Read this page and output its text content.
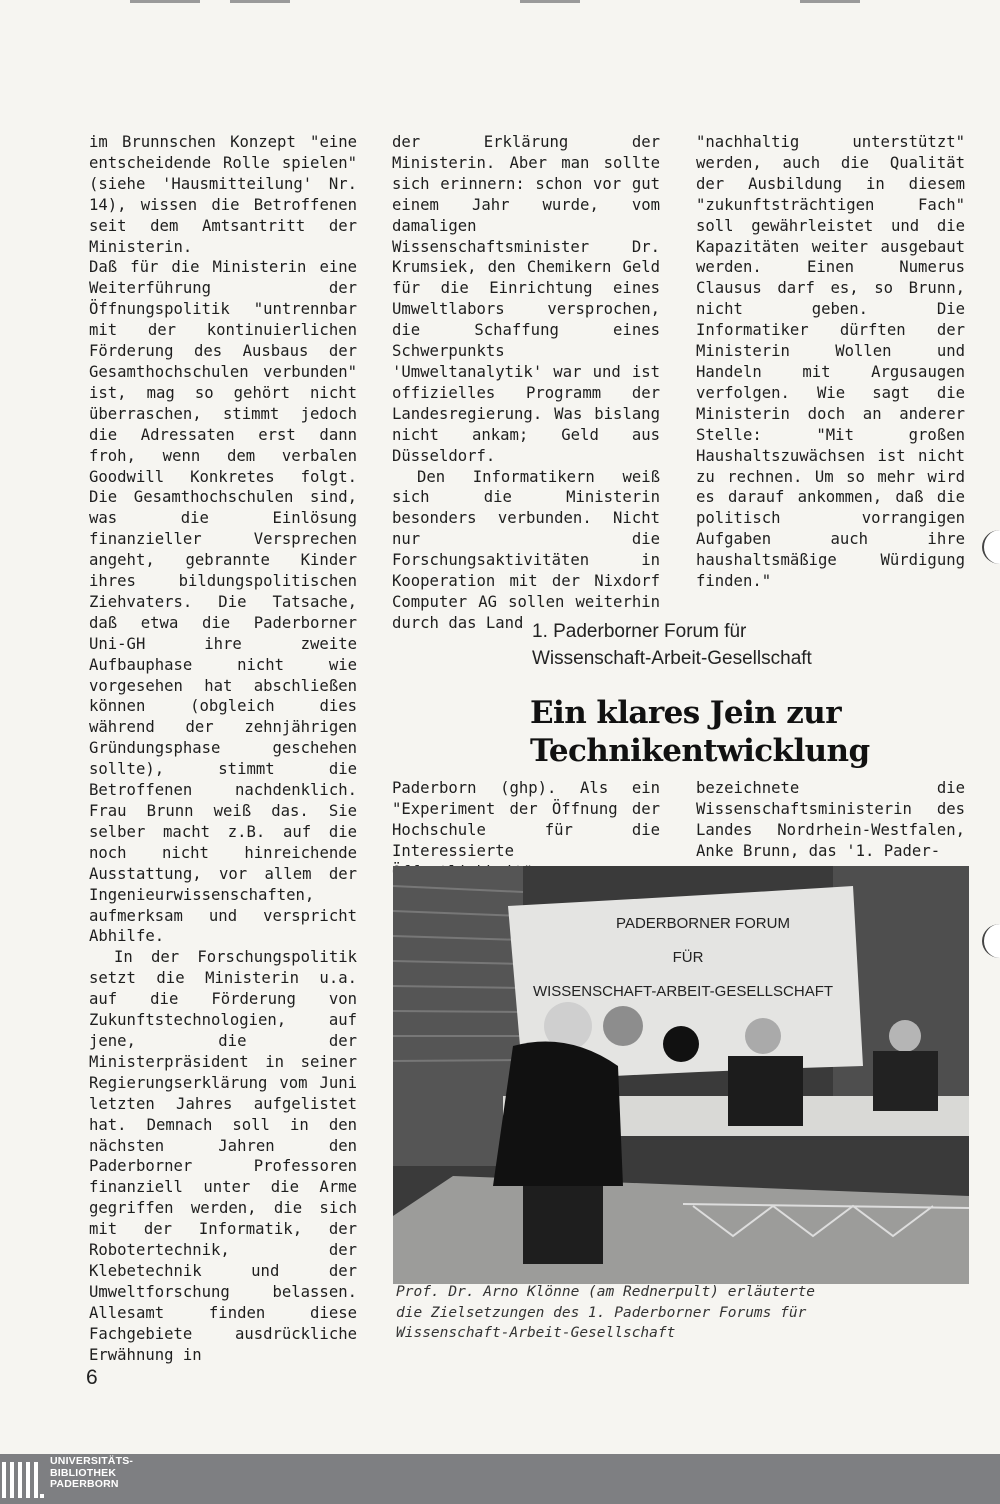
im Brunnschen Konzept "eine entscheidende Rolle spielen" (siehe 'Hausmitteilung' Nr. 14), wissen die Betroffenen seit dem Amtsantritt der Ministerin.

Daß für die Ministerin eine Weiterführung der Öffnungspolitik "untrennbar mit der kontinuierlichen Förderung des Ausbaus der Gesamthochschulen verbunden" ist, mag so gehört nicht überraschen, stimmt jedoch die Adressaten erst dann froh, wenn dem verbalen Goodwill Konkretes folgt. Die Gesamthochschulen sind, was die Einlösung finanzieller Versprechen angeht, gebrannte Kinder ihres bildungspolitischen Ziehvaters. Die Tatsache, daß etwa die Paderborner Uni-GH ihre zweite Aufbauphase nicht wie vorgesehen hat abschließen können (obgleich dies während der zehnjährigen Gründungsphase geschehen sollte), stimmt die Betroffenen nachdenklich. Frau Brunn weiß das. Sie selber macht z.B. auf die noch nicht hinreichende Ausstattung, vor allem der Ingenieurwissenschaften, aufmerksam und verspricht Abhilfe.

In der Forschungspolitik setzt die Ministerin u.a. auf die Förderung von Zukunftstechnologien, auf jene, die der Ministerpräsident in seiner Regierungserklärung vom Juni letzten Jahres aufgelistet hat. Demnach soll in den nächsten Jahren den Paderborner Professoren finanziell unter die Arme gegriffen werden, die sich mit der Informatik, der Robotertechnik, der Klebetechnik und der Umweltforschung belassen. Allesamt finden diese Fachgebiete ausdrückliche Erwähnung in

der Erklärung der Ministerin. Aber man sollte sich erinnern: schon vor gut einem Jahr wurde, vom damaligen Wissenschaftsminister Dr. Krumsiek, den Chemikern Geld für die Einrichtung eines Umweltlabors versprochen, die Schaffung eines Schwerpunkts 'Umweltanalytik' war und ist offizielles Programm der Landesregierung. Was bislang nicht ankam; Geld aus Düsseldorf.

Den Informatikern weiß sich die Ministerin besonders verbunden. Nicht nur die Forschungsaktivitäten in Kooperation mit der Nixdorf Computer AG sollen weiterhin durch das Land

"nachhaltig unterstützt" werden, auch die Qualität der Ausbildung in diesem "zukunftsträchtigen Fach" soll gewährleistet und die Kapazitäten weiter ausgebaut werden. Einen Numerus Clausus darf es, so Brunn, nicht geben. Die Informatiker dürften der Ministerin Wollen und Handeln mit Argusaugen verfolgen. Wie sagt die Ministerin doch an anderer Stelle: "Mit großen Haushaltszuwächsen ist nicht zu rechnen. Um so mehr wird es darauf ankommen, daß die politisch vorrangigen Aufgaben auch ihre haushaltsmäßige Würdigung finden."

1. Paderborner Forum für
Wissenschaft-Arbeit-Gesellschaft
Ein klares Jein zur
Technikentwicklung
Paderborn (ghp). Als ein "Experiment der Öffnung der Hochschule für die Interessierte
bezeichnete die Wissenschaftsministerin des Landes Nordrhein-Westfalen, Anke Brunn, das '1. Pader-
PADERBORNER FORUM
FÜR
WISSENSCHAFT-ARBEIT-GESELLSCHAFT
Prof. Dr. Arno Klönne (am Rednerpult) erläuterte
die Zielsetzungen des 1. Paderborner Forums für
Wissenschaft-Arbeit-Gesellschaft
6
UNIVERSITÄTS-
BIBLIOTHEK
PADERBORN
